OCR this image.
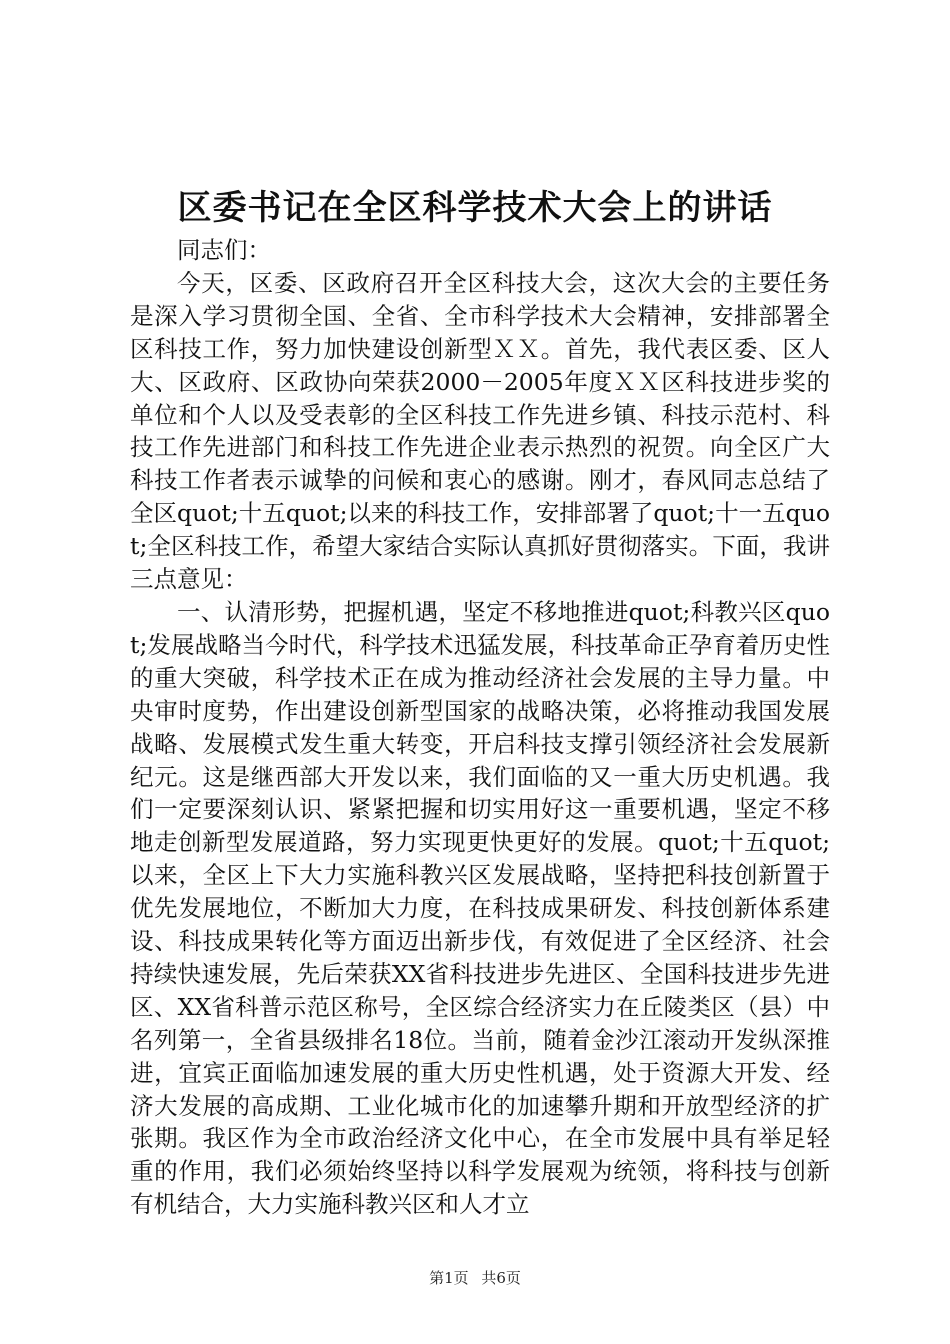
区委书记在全区科学技术大会上的讲话

同志们：

今天，区委、区政府召开全区科技大会，这次大会的主要任务是深入学习贯彻全国、全省、全市科学技术大会精神，安排部署全区科技工作，努力加快建设创新型ＸＸ。首先，我代表区委、区人大、区政府、区政协向荣获2000－2005年度ＸＸ区科技进步奖的单位和个人以及受表彰的全区科技工作先进乡镇、科技示范村、科技工作先进部门和科技工作先进企业表示热烈的祝贺。向全区广大科技工作者表示诚挚的问候和衷心的感谢。刚才，春风同志总结了全区quot;十五quot;以来的科技工作，安排部署了quot;十一五quot;全区科技工作，希望大家结合实际认真抓好贯彻落实。下面，我讲三点意见：

一、认清形势，把握机遇，坚定不移地推进quot;科教兴区quot;发展战略当今时代，科学技术迅猛发展，科技革命正孕育着历史性的重大突破，科学技术正在成为推动经济社会发展的主导力量。中央审时度势，作出建设创新型国家的战略决策，必将推动我国发展战略、发展模式发生重大转变，开启科技支撑引领经济社会发展新纪元。这是继西部大开发以来，我们面临的又一重大历史机遇。我们一定要深刻认识、紧紧把握和切实用好这一重要机遇，坚定不移地走创新型发展道路，努力实现更快更好的发展。quot;十五quot;以来，全区上下大力实施科教兴区发展战略，坚持把科技创新置于优先发展地位，不断加大力度，在科技成果研发、科技创新体系建设、科技成果转化等方面迈出新步伐，有效促进了全区经济、社会持续快速发展，先后荣获XX省科技进步先进区、全国科技进步先进区、XX省科普示范区称号，全区综合经济实力在丘陵类区（县）中名列第一，全省县级排名18位。当前，随着金沙江滚动开发纵深推进，宜宾正面临加速发展的重大历史性机遇，处于资源大开发、经济大发展的高成期、工业化城市化的加速攀升期和开放型经济的扩张期。我区作为全市政治经济文化中心，在全市发展中具有举足轻重的作用，我们必须始终坚持以科学发展观为统领，将科技与创新有机结合，大力实施科教兴区和人才立

第1页 共6页
